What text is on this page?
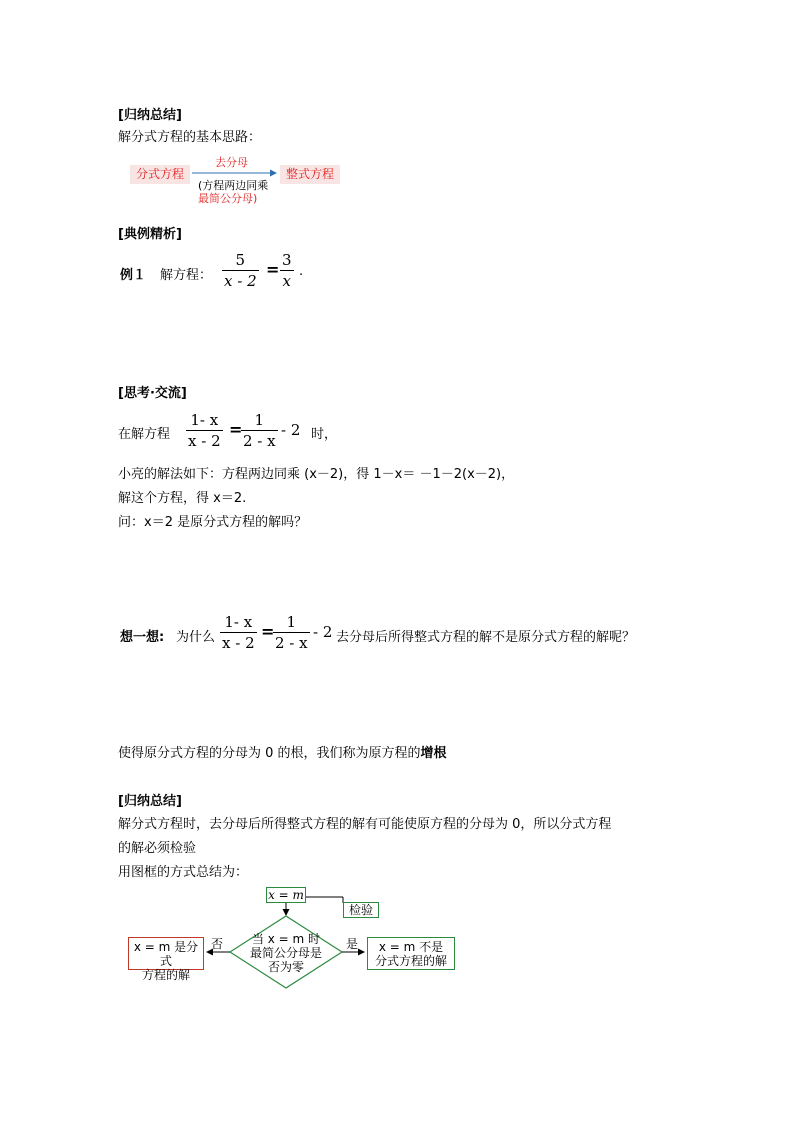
[归纳总结]
解分式方程的基本思路：
分式方程
去分母
(方程两边同乘
最简公分母)
整式方程
[典例精析]
例１ 解方程： $\frac{5}{x - 2} = \frac{3}{x}$ .
[思考·交流]
在解方程 $\frac{1- x}{x - 2}$ =
$\frac{1}{2 - x} - 2$ 时，
小亮的解法如下：方程两边同乘 (x－2)，得 1－x＝ －1－2(x－2)，
解这个方程，得 x＝2.
问：x＝2 是原分式方程的解吗？
想一想: 为什么 $\frac{1- x}{x - 2}$ =
$\frac{1}{2 - x} - 2$ 去分母后所得整式方程的解不是原分式方程的解呢？
使得原分式方程的分母为 0 的根，我们称为原方程的增根
[归纳总结]
解分式方程时，去分母后所得整式方程的解有可能使原方程的分母为 0，所以分式方程
的解必须检验
用图框的方式总结为：
x = m
检验
当 x = m 时
最简公分母是
否为零
否	是
x = m 是分式
方程的解
x = m 不是
分式方程的解
